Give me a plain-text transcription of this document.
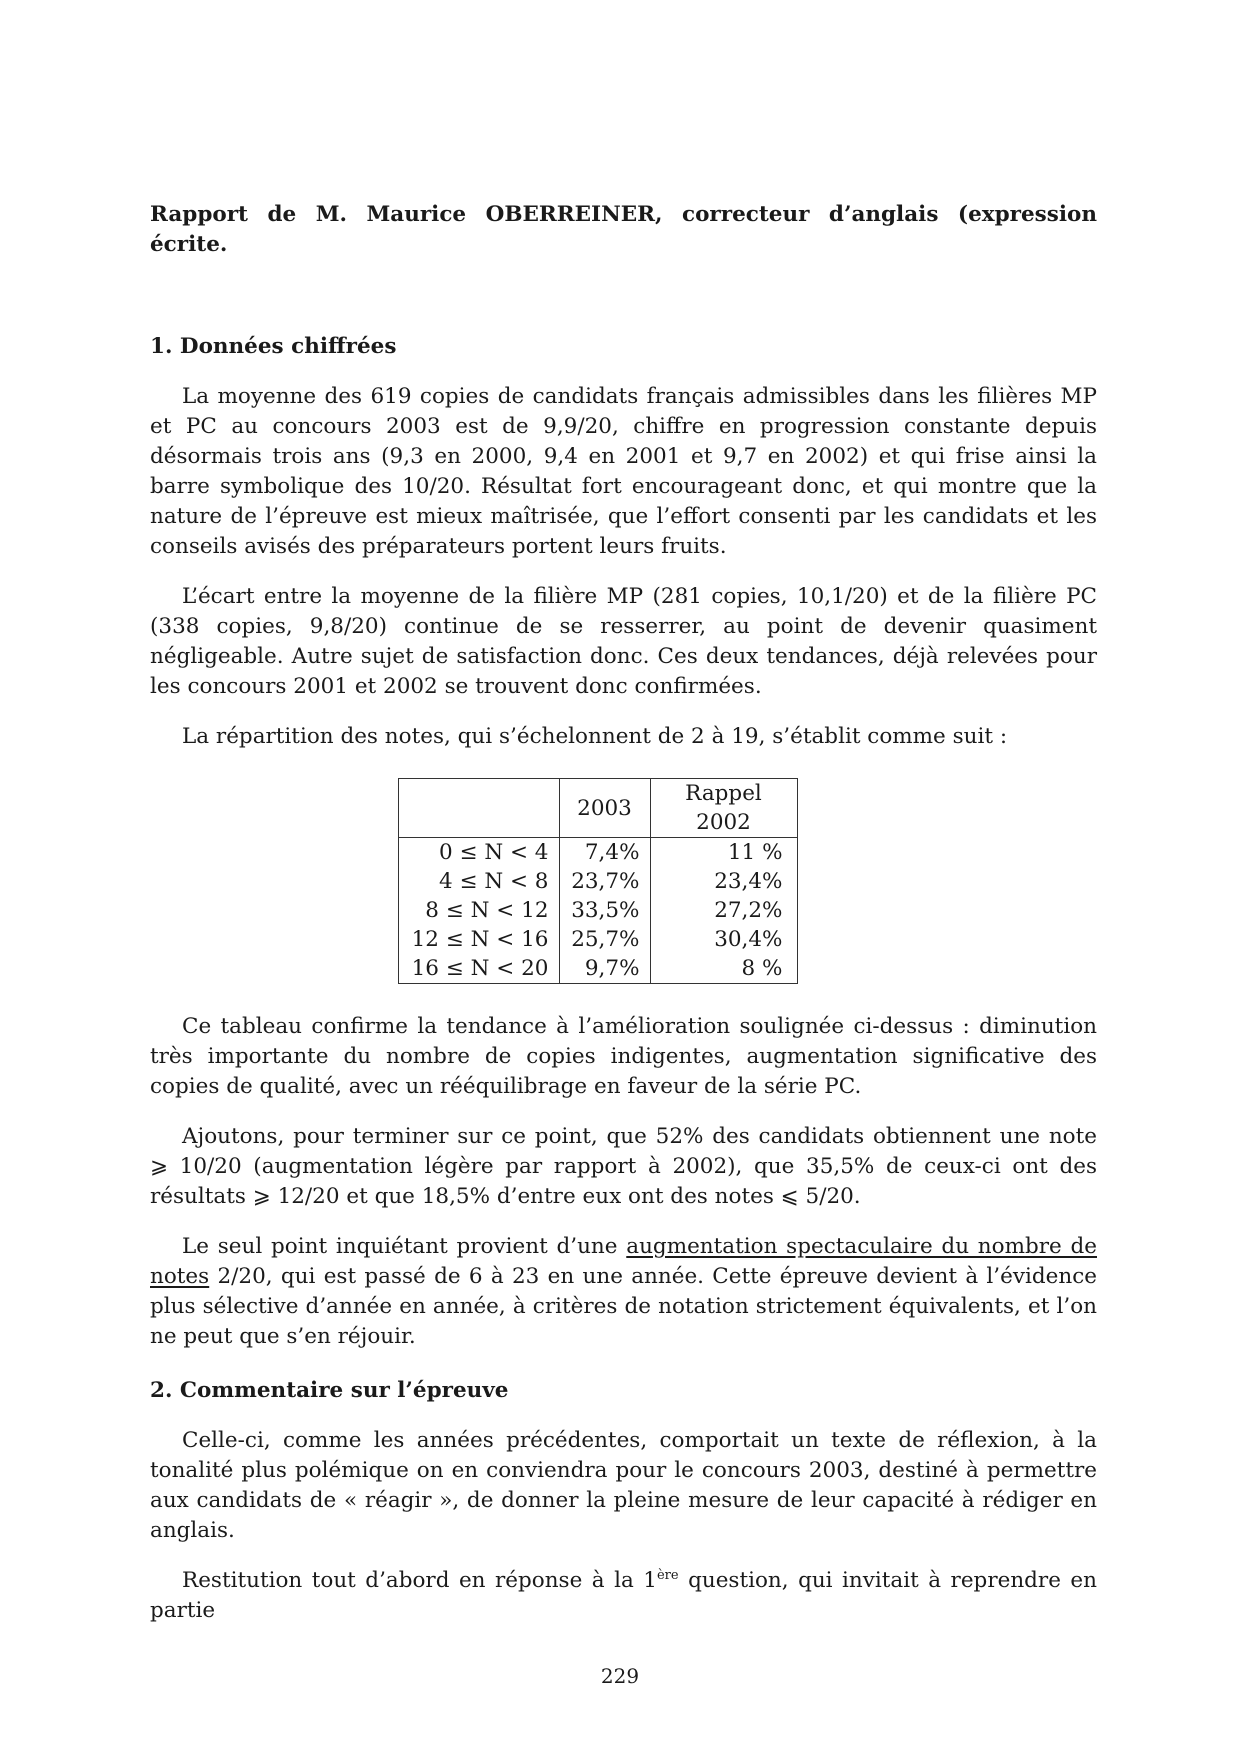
Rapport de M. Maurice OBERREINER, correcteur d’anglais (expression écrite.

1. Données chiffrées

La moyenne des 619 copies de candidats français admissibles dans les filières MP et PC au concours 2003 est de 9,9/20, chiffre en progression constante depuis désormais trois ans (9,3 en 2000, 9,4 en 2001 et 9,7 en 2002) et qui frise ainsi la barre symbolique des 10/20. Résultat fort encourageant donc, et qui montre que la nature de l’épreuve est mieux maîtrisée, que l’effort consenti par les candidats et les conseils avisés des préparateurs portent leurs fruits.

L’écart entre la moyenne de la filière MP (281 copies, 10,1/20) et de la filière PC (338 copies, 9,8/20) continue de se resserrer, au point de devenir quasiment négligeable. Autre sujet de satisfaction donc. Ces deux tendances, déjà relevées pour les concours 2001 et 2002 se trouvent donc confirmées.

La répartition des notes, qui s’échelonnent de 2 à 19, s’établit comme suit :

	2003	Rappel 2002
0 ≤ N < 4	7,4%	11 %
4 ≤ N < 8	23,7%	23,4%
8 ≤ N < 12	33,5%	27,2%
12 ≤ N < 16	25,7%	30,4%
16 ≤ N < 20	9,7%	8 %

Ce tableau confirme la tendance à l’amélioration soulignée ci-dessus : diminution très importante du nombre de copies indigentes, augmentation significative des copies de qualité, avec un rééquilibrage en faveur de la série PC.

Ajoutons, pour terminer sur ce point, que 52% des candidats obtiennent une note ⩾ 10/20 (augmentation légère par rapport à 2002), que 35,5% de ceux-ci ont des résultats ⩾ 12/20 et que 18,5% d’entre eux ont des notes ⩽ 5/20.

Le seul point inquiétant provient d’une augmentation spectaculaire du nombre de notes 2/20, qui est passé de 6 à 23 en une année. Cette épreuve devient à l’évidence plus sélective d’année en année, à critères de notation strictement équivalents, et l’on ne peut que s’en réjouir.

2. Commentaire sur l’épreuve

Celle-ci, comme les années précédentes, comportait un texte de réflexion, à la tonalité plus polémique on en conviendra pour le concours 2003, destiné à permettre aux candidats de « réagir », de donner la pleine mesure de leur capacité à rédiger en anglais.

Restitution tout d’abord en réponse à la 1ère question, qui invitait à reprendre en partie

229
